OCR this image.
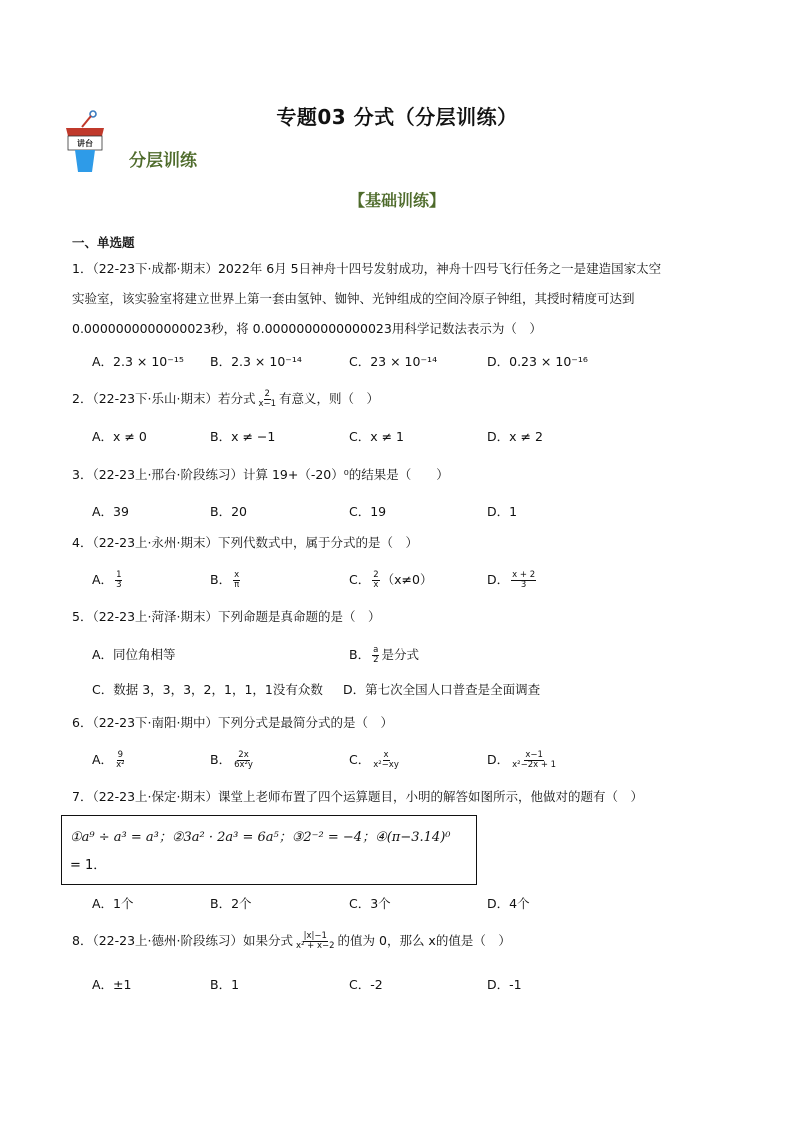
专题03 分式（分层训练）
讲台
分层训练
【基础训练】
一、单选题
1．（22-23下·成都·期末）2022年 6月 5日神舟十四号发射成功，神舟十四号飞行任务之一是建造国家太空
实验室，该实验室将建立世界上第一套由氢钟、铷钟、光钟组成的空间冷原子钟组，其授时精度可达到
0.0000000000000023秒，将 0.0000000000000023用科学记数法表示为（　）
A．2.3 × 10⁻¹⁵ B．2.3 × 10⁻¹⁴	C．23 × 10⁻¹⁴	D．0.23 × 10⁻¹⁶
2．（22-23下·乐山·期末）若分式 $\frac{2}{x-1}$ 有意义，则（　）
A．x ≠ 0	B．x ≠ −1	C．x ≠ 1	D．x ≠ 2
3．（22-23上·邢台·阶段练习）计算 19+（-20）⁰的结果是（　　）
A．39	B．20	C．19	D．1
4．（22-23上·永州·期末）下列代数式中，属于分式的是（　）
A． $\frac{1}{3}$	B． $\frac{x}{\pi}$	C． $\frac{2}{x} (x\ne 0)$	D． $\frac{x + 2}{3}$
5．（22-23上·菏泽·期末）下列命题是真命题的是（　）
A．同位角相等	B． $\frac{a}{2}$ 是分式
C．数据 3，3，3，2，1，1，1没有众数 D．第七次全国人口普查是全面调查
6．（22-23下·南阳·期中）下列分式是最简分式的是（　）
A． $\frac{9}{\text{x²}}$	B． $\frac{2x}{\text{6x²y}}$	C． $\frac{x}{\text{x²−xy}}$	D． $\frac{x-1}{\text{x²−2x + 1}}$
7．（22-23上·保定·期末）课堂上老师布置了四个运算题目，小明的解答如图所示，他做对的题有（　）
①a⁹ ÷ a³ = a³；②3a² · 2a³ = 6a⁵；③2⁻² = −4；④(π−3.14)⁰
= 1．
A．1个	B．2个	C．3个	D．4个
8．（22-23上·德州·阶段练习）如果分式 $\frac{|x|-1}{\text{x² + x−2}}$ 的值为 0，那么 x的值是（　）
A．±1	B．1	C．-2	D．-1
